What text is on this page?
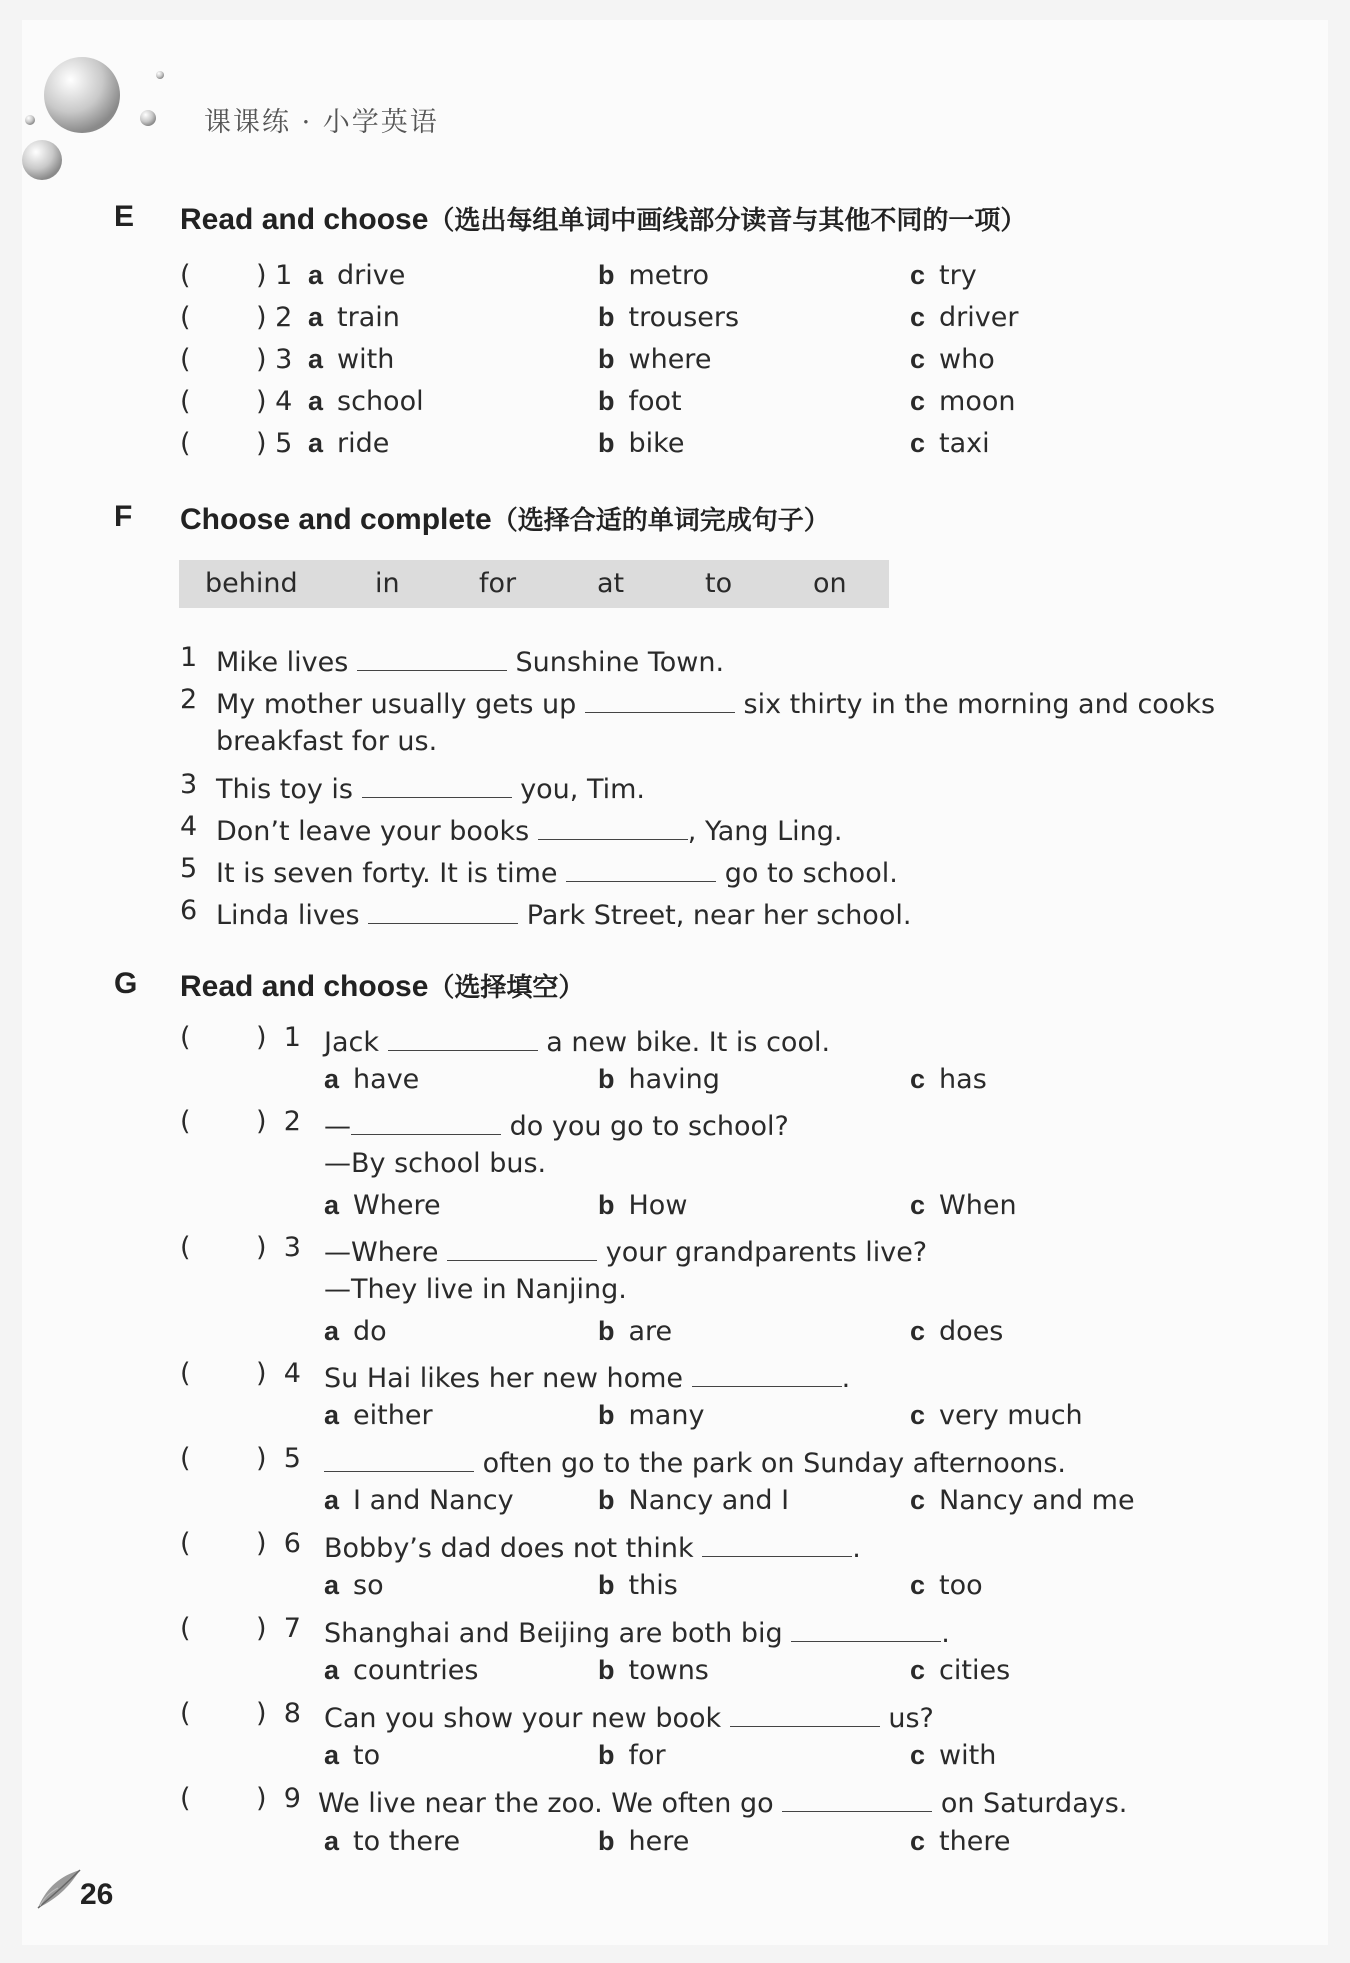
课课练 · 小学英语
E Read and choose（选出每组单词中画线部分读音与其他不同的一项）
( ) 1 a drive	b metro	c try
( ) 2 a train	b trousers	c driver
( ) 3 a with	b where	c who
( ) 4 a school	b foot	c moon
( ) 5 a ride	b bike	c taxi
F Choose and complete（选择合适的单词完成句子）
behind	in	for	at	to	on
1 Mike lives	Sunshine Town.
2 My mother usually gets up	six thirty in the morning and cooks
breakfast for us.
3 This toy is	you, Tim.
4 Don’t leave your books	, Yang Ling.
5 It is seven forty. It is time	go to school.
6 Linda lives	Park Street, near her school.
G Read and choose（选择填空）
( )  1 Jack	a new bike. It is cool.
a have	b having	c has
( )  2 —	do you go to school?
—By school bus.
a Where	b How	c When
( )  3 —Where	your grandparents live?
—They live in Nanjing.
a do	b are	c does
( )  4 Su Hai likes her new home	.
a either	b many	c very much
( )  5	often go to the park on Sunday afternoons.
a I and Nancy	b Nancy and I	c Nancy and me
( )  6 Bobby’s dad does not think	.
a so	b this	c too
( )  7 Shanghai and Beijing are both big	.
a countries	b towns	c cities
( )  8 Can you show your new book	us?
a to	b for	c with
( )  9 We live near the zoo. We often go	on Saturdays.
a to there	b here	c there
26
